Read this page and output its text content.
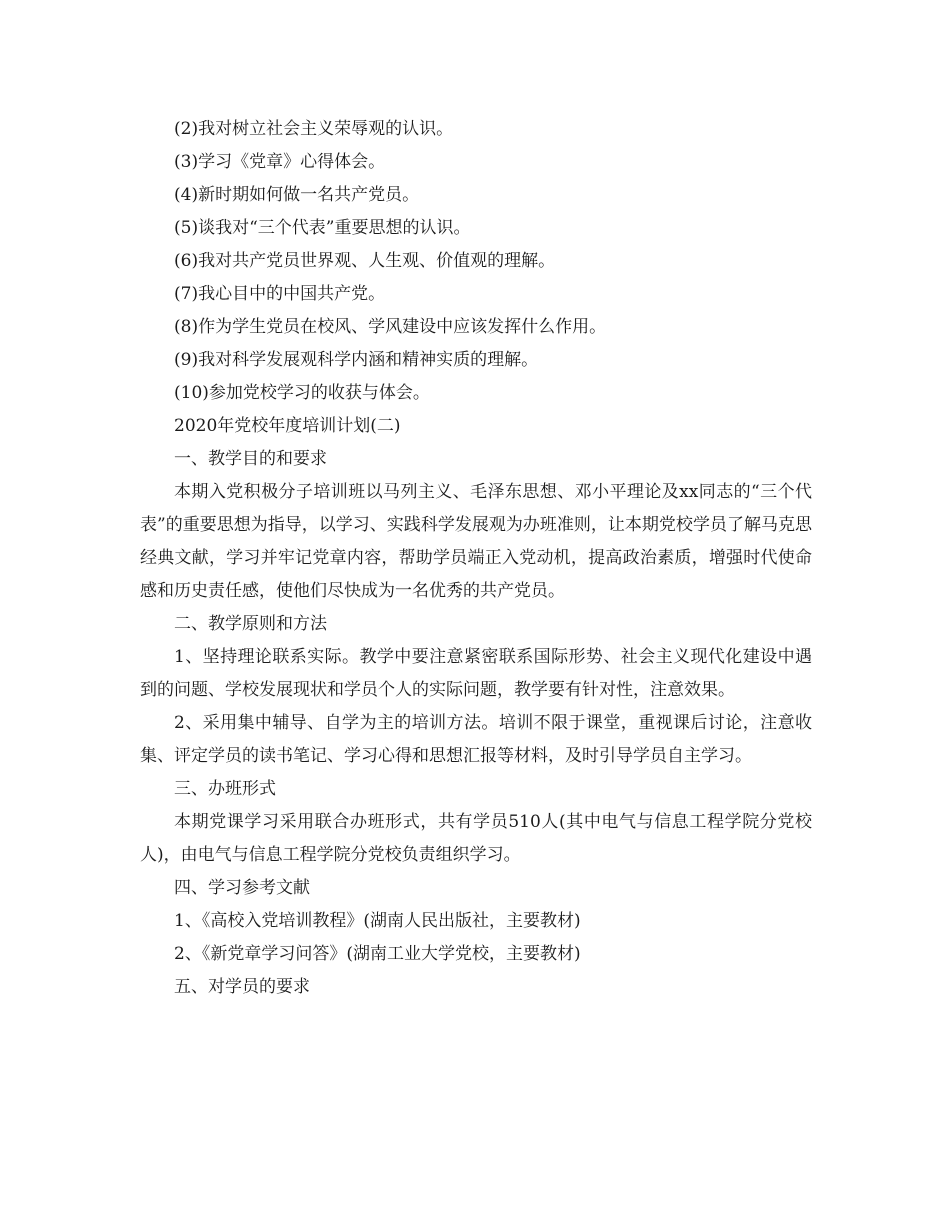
(2)我对树立社会主义荣辱观的认识。

(3)学习《党章》心得体会。

(4)新时期如何做一名共产党员。

(5)谈我对“三个代表”重要思想的认识。

(6)我对共产党员世界观、人生观、价值观的理解。

(7)我心目中的中国共产党。

(8)作为学生党员在校风、学风建设中应该发挥什么作用。

(9)我对科学发展观科学内涵和精神实质的理解。

(10)参加党校学习的收获与体会。

2020年党校年度培训计划(二)

一、教学目的和要求

本期入党积极分子培训班以马列主义、毛泽东思想、邓小平理论及xx同志的“三个代表”的重要思想为指导，以学习、实践科学发展观为办班准则，让本期党校学员了解马克思经典文献，学习并牢记党章内容，帮助学员端正入党动机，提高政治素质，增强时代使命感和历史责任感，使他们尽快成为一名优秀的共产党员。

二、教学原则和方法

1、坚持理论联系实际。教学中要注意紧密联系国际形势、社会主义现代化建设中遇到的问题、学校发展现状和学员个人的实际问题，教学要有针对性，注意效果。

2、采用集中辅导、自学为主的培训方法。培训不限于课堂，重视课后讨论，注意收集、评定学员的读书笔记、学习心得和思想汇报等材料，及时引导学员自主学习。

三、办班形式

本期党课学习采用联合办班形式，共有学员510人(其中电气与信息工程学院分党校 人)，由电气与信息工程学院分党校负责组织学习。

四、学习参考文献

1、《高校入党培训教程》(湖南人民出版社，主要教材)

2、《新党章学习问答》(湖南工业大学党校，主要教材)

五、对学员的要求
